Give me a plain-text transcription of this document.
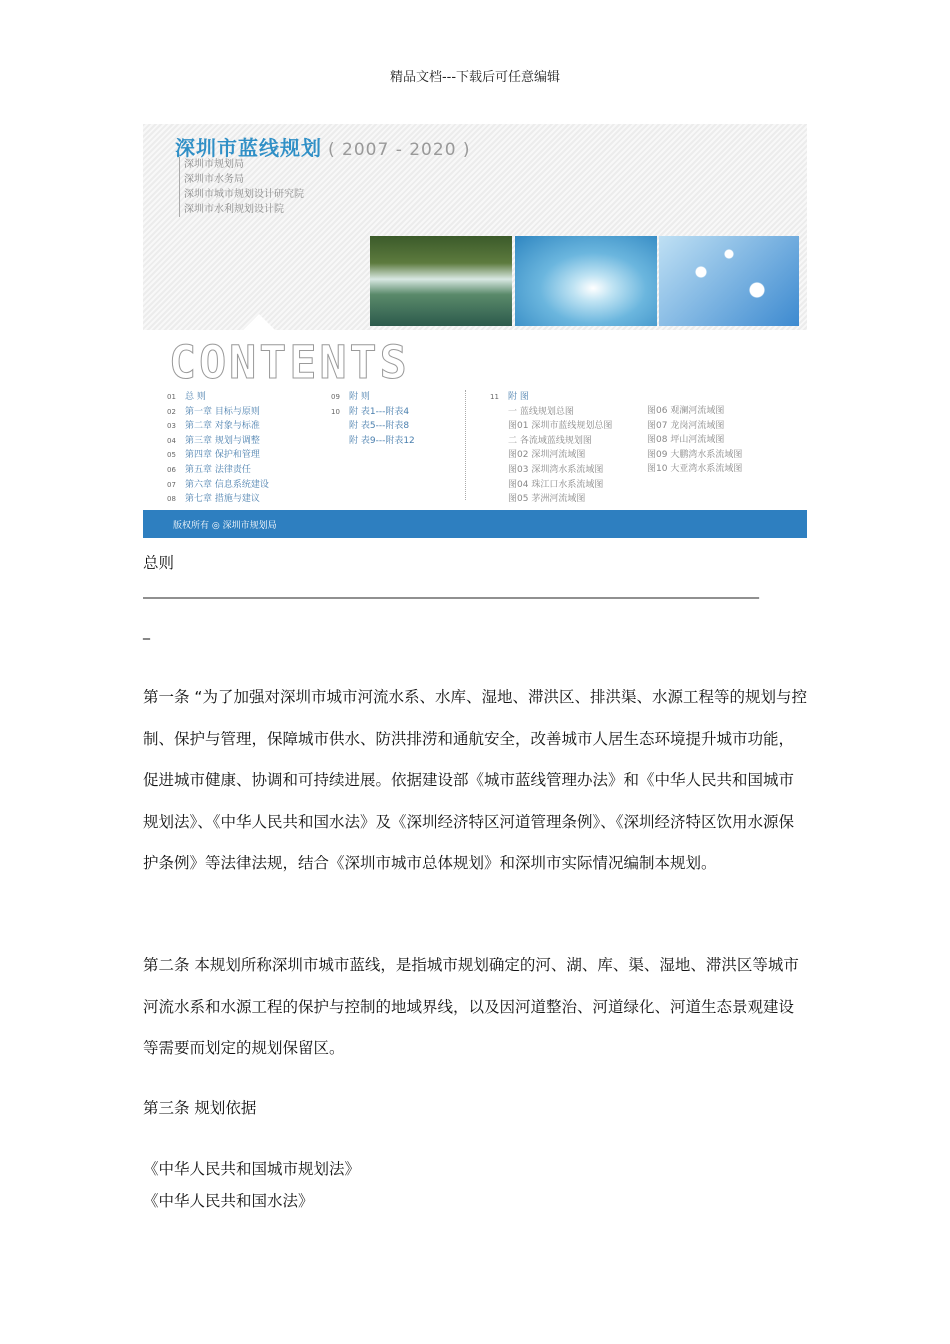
精品文档---下载后可任意编辑
深圳市蓝线规划 ( 2007 - 2020 )
深圳市规划局
深圳市水务局
深圳市城市规划设计研究院
深圳市水利规划设计院
CONTENTS
01 总 则
02 第一章 目标与原则
03 第二章 对象与标准
04 第三章 规划与调整
05 第四章 保护和管理
06 第五章 法律责任
07 第六章 信息系统建设
08 第七章 措施与建议
09 附 则
10 附 表1---附表4
附 表5---附表8
附 表9---附表12
11 附 图
一 蓝线规划总图
图01 深圳市蓝线规划总图
二 各流域蓝线规划图
图02 深圳河流域图
图03 深圳湾水系流域图
图04 珠江口水系流域图
图05 茅洲河流域图
图06 观澜河流域图
图07 龙岗河流域图
图08 坪山河流域图
图09 大鹏湾水系流域图
图10 大亚湾水系流域图
版权所有 ◎ 深圳市规划局
总则
________________________________________________________________________________________
_
第一条 “为了加强对深圳市城市河流水系、水库、湿地、滞洪区、排洪渠、水源工程等的规划与控制、保护与管理，保障城市供水、防洪排涝和通航安全，改善城市人居生态环境提升城市功能，促进城市健康、协调和可持续进展。依据建设部《城市蓝线管理办法》和《中华人民共和国城市规划法》、《中华人民共和国水法》及《深圳经济特区河道管理条例》、《深圳经济特区饮用水源保护条例》等法律法规，结合《深圳市城市总体规划》和深圳市实际情况编制本规划。
第二条 本规划所称深圳市城市蓝线，是指城市规划确定的河、湖、库、渠、湿地、滞洪区等城市河流水系和水源工程的保护与控制的地域界线，以及因河道整治、河道绿化、河道生态景观建设等需要而划定的规划保留区。
第三条 规划依据
《中华人民共和国城市规划法》
《中华人民共和国水法》
